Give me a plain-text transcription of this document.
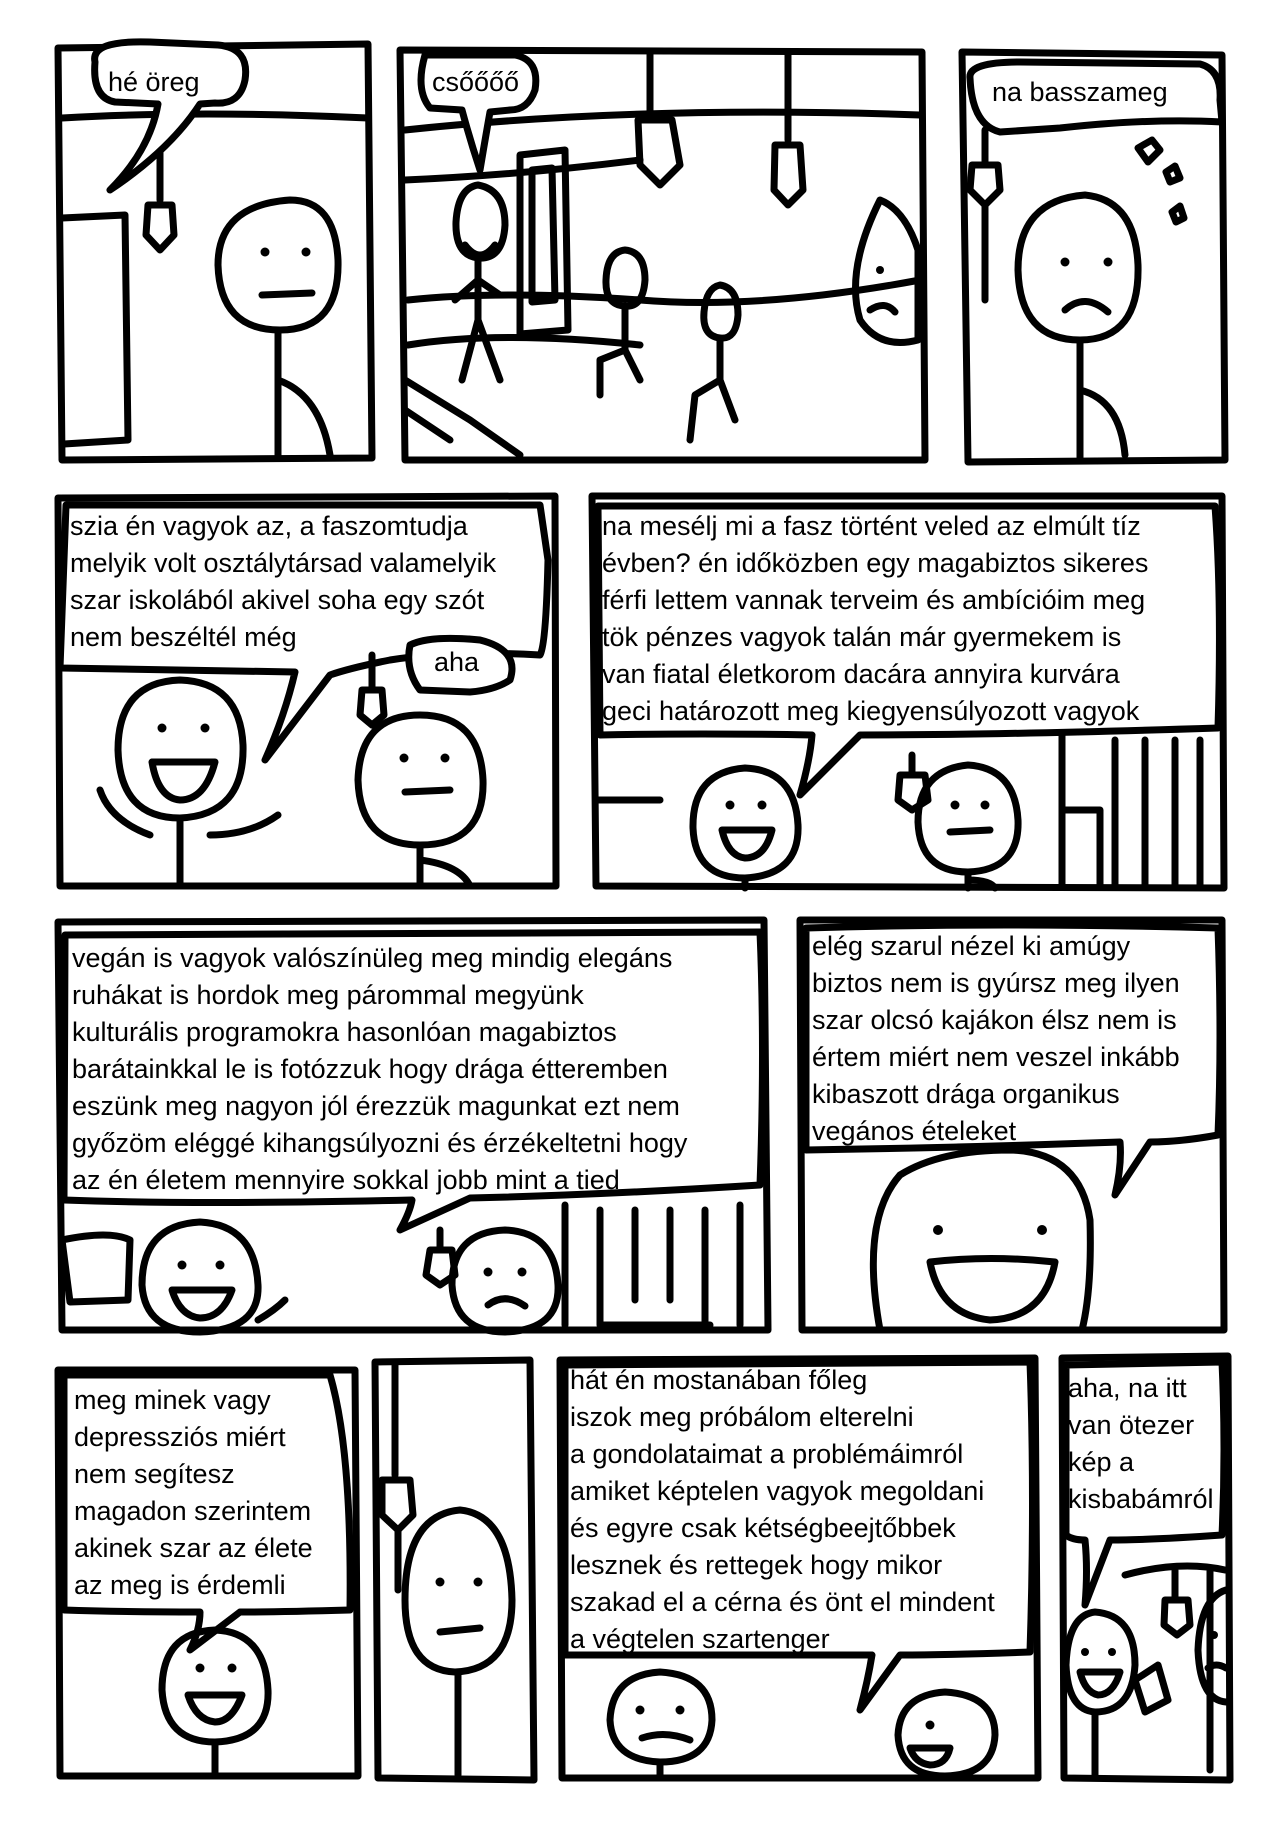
hé öreg	csőőőő	na basszameg
szia én vagyok az, a faszomtudja
melyik volt osztálytársad valamelyik
szar iskolából akivel soha egy szót
nem beszéltél még
aha
na mesélj mi a fasz történt veled az elmúlt tíz
évben? én időközben egy magabiztos sikeres
férfi lettem vannak terveim és ambícióim meg
tök pénzes vagyok talán már gyermekem is
van fiatal életkorom dacára annyira kurvára
geci határozott meg kiegyensúlyozott vagyok
vegán is vagyok valószínüleg meg mindig elegáns
ruhákat is hordok meg párommal megyünk
kulturális programokra hasonlóan magabiztos
barátainkkal le is fotózzuk hogy drága étteremben
eszünk meg nagyon jól érezzük magunkat ezt nem
győzöm eléggé kihangsúlyozni és érzékeltetni hogy
az én életem mennyire sokkal jobb mint a tied
elég szarul nézel ki amúgy
biztos nem is gyúrsz meg ilyen
szar olcsó kajákon élsz nem is
értem miért nem veszel inkább
kibaszott drága organikus
vegános ételeket
meg minek vagy
depressziós miért
nem segítesz
magadon szerintem
akinek szar az élete
az meg is érdemli
hát én mostanában főleg
iszok meg próbálom elterelni
a gondolataimat a problémáimról
amiket képtelen vagyok megoldani
és egyre csak kétségbeejtőbbek
lesznek és rettegek hogy mikor
szakad el a cérna és önt el mindent
a végtelen szartenger
aha, na itt
van ötezer
kép a
kisbabámról
